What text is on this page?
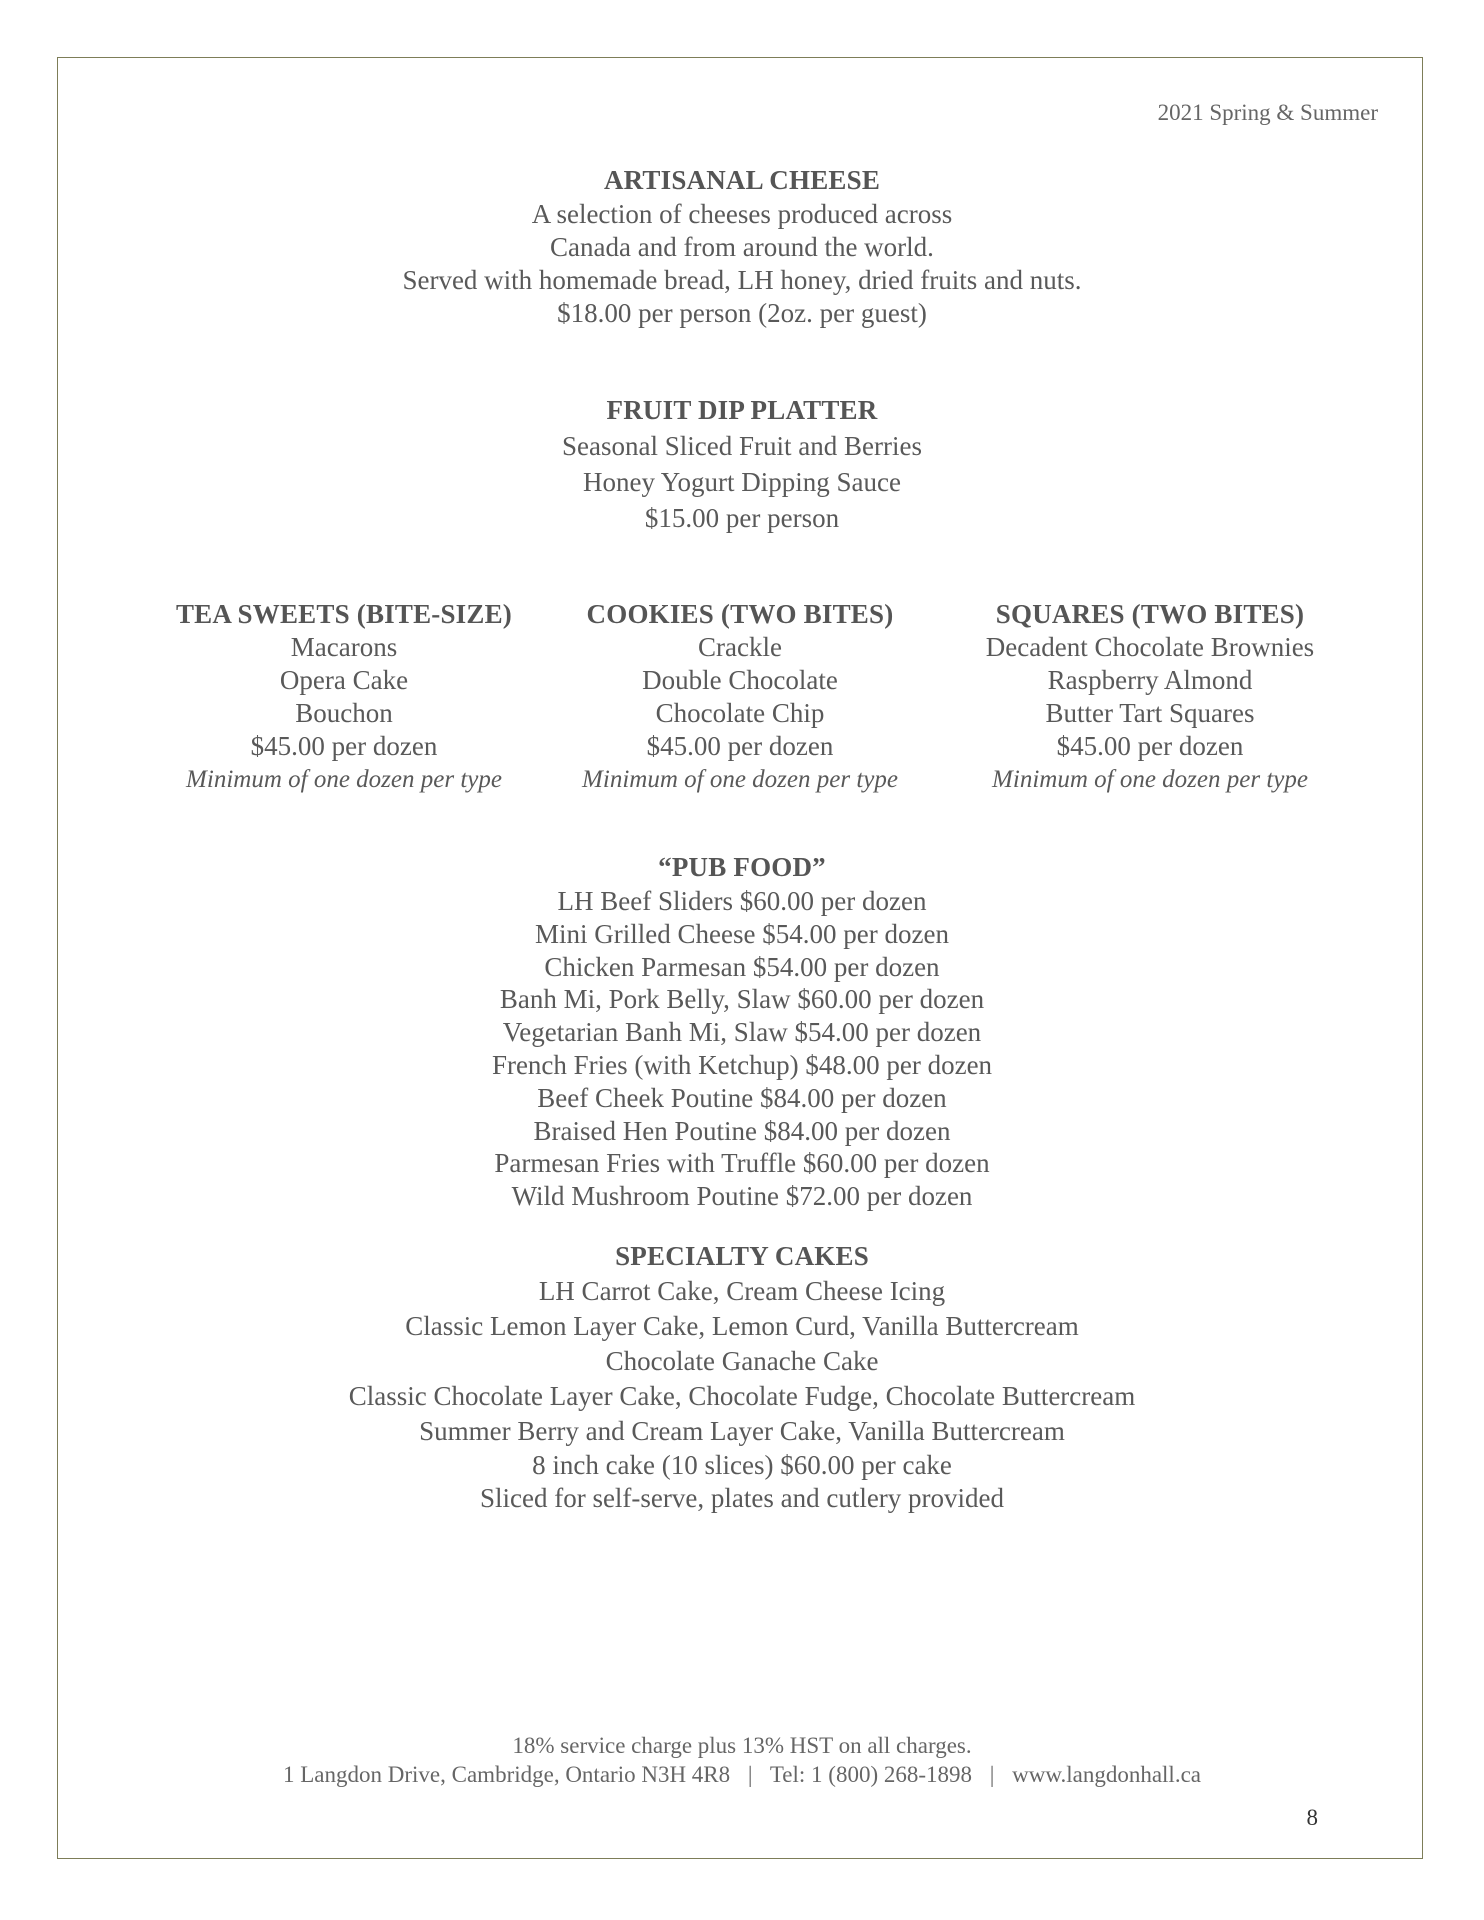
2021 Spring & Summer
ARTISANAL CHEESE
A selection of cheeses produced across
Canada and from around the world.
Served with homemade bread, LH honey, dried fruits and nuts.
$18.00 per person (2oz. per guest)
FRUIT DIP PLATTER
Seasonal Sliced Fruit and Berries
Honey Yogurt Dipping Sauce
$15.00 per person
TEA SWEETS (BITE-SIZE)
Macarons
Opera Cake
Bouchon
$45.00 per dozen
Minimum of one dozen per type
COOKIES (TWO BITES)
Crackle
Double Chocolate
Chocolate Chip
$45.00 per dozen
Minimum of one dozen per type
SQUARES (TWO BITES)
Decadent Chocolate Brownies
Raspberry Almond
Butter Tart Squares
$45.00 per dozen
Minimum of one dozen per type
“PUB FOOD”
LH Beef Sliders $60.00 per dozen
Mini Grilled Cheese $54.00 per dozen
Chicken Parmesan $54.00 per dozen
Banh Mi, Pork Belly, Slaw $60.00 per dozen
Vegetarian Banh Mi, Slaw $54.00 per dozen
French Fries (with Ketchup) $48.00 per dozen
Beef Cheek Poutine $84.00 per dozen
Braised Hen Poutine $84.00 per dozen
Parmesan Fries with Truffle $60.00 per dozen
Wild Mushroom Poutine $72.00 per dozen
SPECIALTY CAKES
LH Carrot Cake, Cream Cheese Icing
Classic Lemon Layer Cake, Lemon Curd, Vanilla Buttercream
Chocolate Ganache Cake
Classic Chocolate Layer Cake, Chocolate Fudge, Chocolate Buttercream
Summer Berry and Cream Layer Cake, Vanilla Buttercream
8 inch cake (10 slices) $60.00 per cake
Sliced for self-serve, plates and cutlery provided
18% service charge plus 13% HST on all charges.
1 Langdon Drive, Cambridge, Ontario N3H 4R8 | Tel: 1 (800) 268-1898 | www.langdonhall.ca
8
